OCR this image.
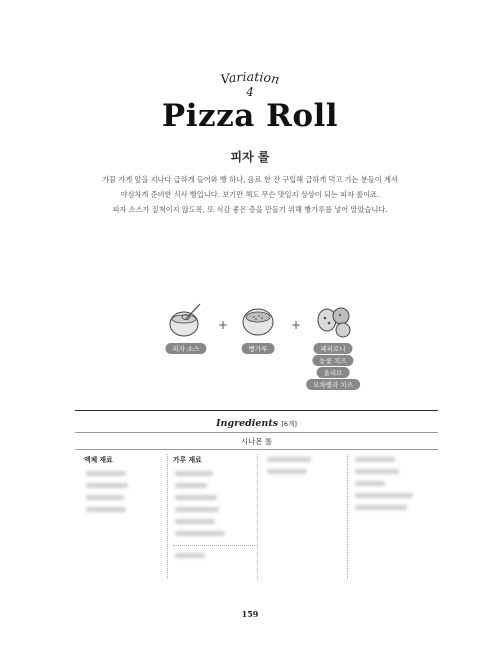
Variation
4
Pizza Roll
피자 롤
가끔 가게 앞을 지나다 급하게 들어와 빵 하나, 음료 한 잔 구입해 급하게 먹고 가는 분들이 계셔
야심차게 준비한 식사 빵입니다. 보기만 해도 무슨 맛일지 상상이 되는 피자 롤이죠.
피자 소스가 질척이지 않도록, 또 식감 좋은 층을 만들기 위해 빵가루를 넣어 말았습니다.
피자 소스
+
빵가루
+
페퍼로니
눈꽃 치즈
올리브
모차렐라 치즈
Ingredients [6개]
시나몬 롤
액체 재료	가루 재료
159
